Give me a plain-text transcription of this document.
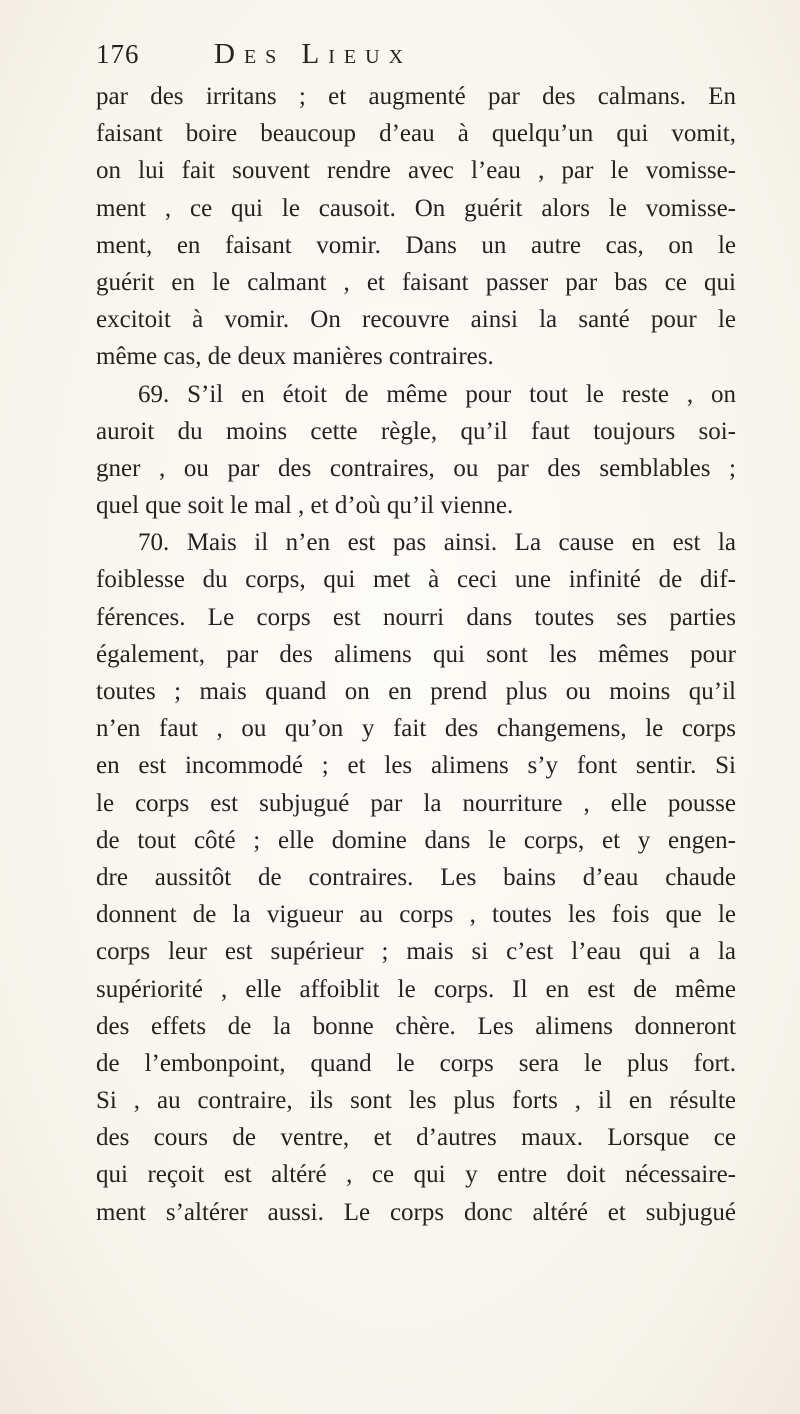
176	Des Lieux
par des irritans ; et augmenté par des calmans. En
faisant boire beaucoup d’eau à quelqu’un qui vomit,
on lui fait souvent rendre avec l’eau , par le vomisse-
ment , ce qui le causoit. On guérit alors le vomisse-
ment, en faisant vomir. Dans un autre cas, on le
guérit en le calmant , et faisant passer par bas ce qui
excitoit à vomir. On recouvre ainsi la santé pour le
même cas, de deux manières contraires.
69. S’il en étoit de même pour tout le reste , on
auroit du moins cette règle, qu’il faut toujours soi-
gner , ou par des contraires, ou par des semblables ;
quel que soit le mal , et d’où qu’il vienne.
70. Mais il n’en est pas ainsi. La cause en est la
foiblesse du corps, qui met à ceci une infinité de dif-
férences. Le corps est nourri dans toutes ses parties
également, par des alimens qui sont les mêmes pour
toutes ; mais quand on en prend plus ou moins qu’il
n’en faut , ou qu’on y fait des changemens, le corps
en est incommodé ; et les alimens s’y font sentir. Si
le corps est subjugué par la nourriture , elle pousse
de tout côté ; elle domine dans le corps, et y engen-
dre aussitôt de contraires. Les bains d’eau chaude
donnent de la vigueur au corps , toutes les fois que le
corps leur est supérieur ; mais si c’est l’eau qui a la
supériorité , elle affoiblit le corps. Il en est de même
des effets de la bonne chère. Les alimens donneront
de l’embonpoint, quand le corps sera le plus fort.
Si , au contraire, ils sont les plus forts , il en résulte
des cours de ventre, et d’autres maux. Lorsque ce
qui reçoit est altéré , ce qui y entre doit nécessaire-
ment s’altérer aussi. Le corps donc altéré et subjugué
